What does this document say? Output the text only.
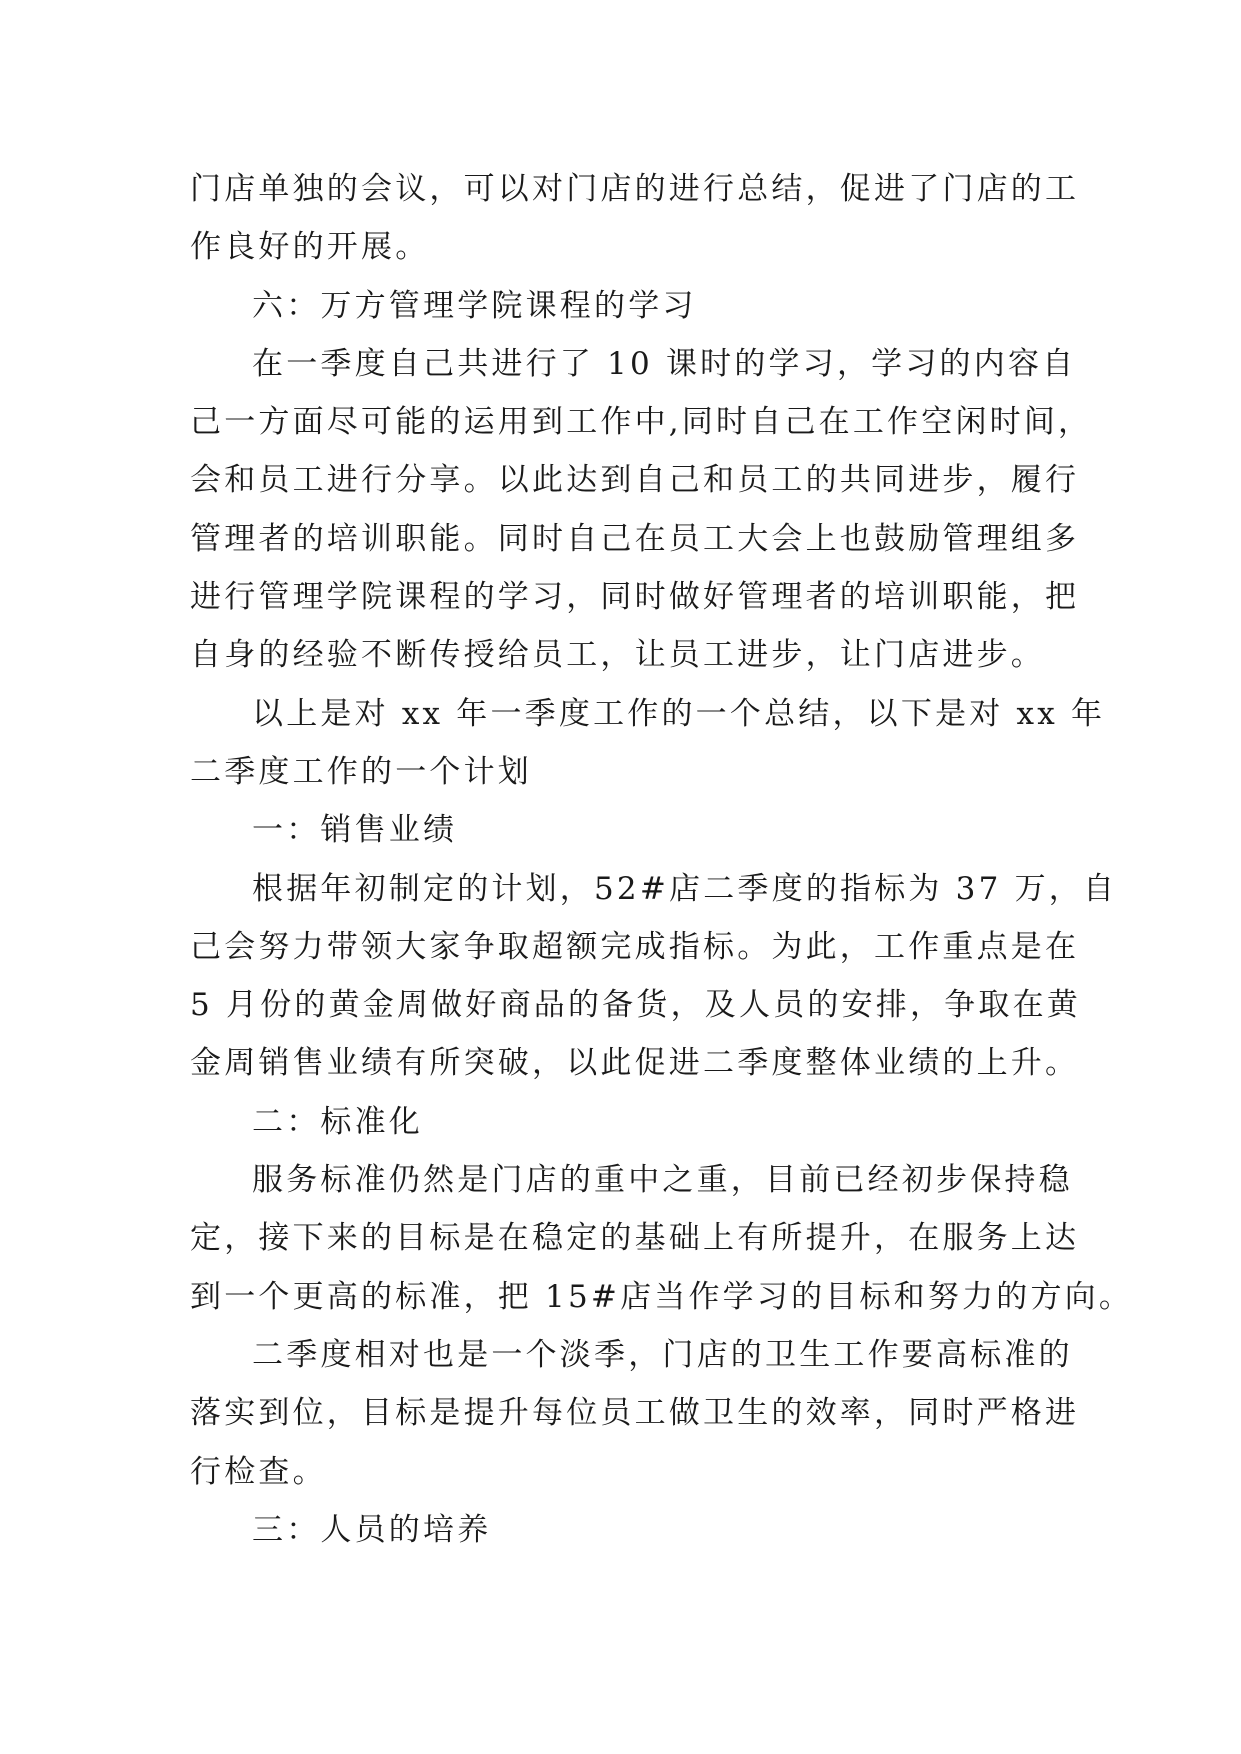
门店单独的会议，可以对门店的进行总结，促进了门店的工
作良好的开展。
六：万方管理学院课程的学习
在一季度自己共进行了 10 课时的学习，学习的内容自
己一方面尽可能的运用到工作中,同时自己在工作空闲时间，
会和员工进行分享。以此达到自己和员工的共同进步，履行
管理者的培训职能。同时自己在员工大会上也鼓励管理组多
进行管理学院课程的学习，同时做好管理者的培训职能，把
自身的经验不断传授给员工，让员工进步，让门店进步。
以上是对 xx 年一季度工作的一个总结，以下是对 xx 年
二季度工作的一个计划
一：销售业绩
根据年初制定的计划，52#店二季度的指标为 37 万，自
己会努力带领大家争取超额完成指标。为此，工作重点是在
5 月份的黄金周做好商品的备货，及人员的安排，争取在黄
金周销售业绩有所突破，以此促进二季度整体业绩的上升。
二：标准化
服务标准仍然是门店的重中之重，目前已经初步保持稳
定，接下来的目标是在稳定的基础上有所提升，在服务上达
到一个更高的标准，把 15#店当作学习的目标和努力的方向。
二季度相对也是一个淡季，门店的卫生工作要高标准的
落实到位，目标是提升每位员工做卫生的效率，同时严格进
行检查。
三：人员的培养
